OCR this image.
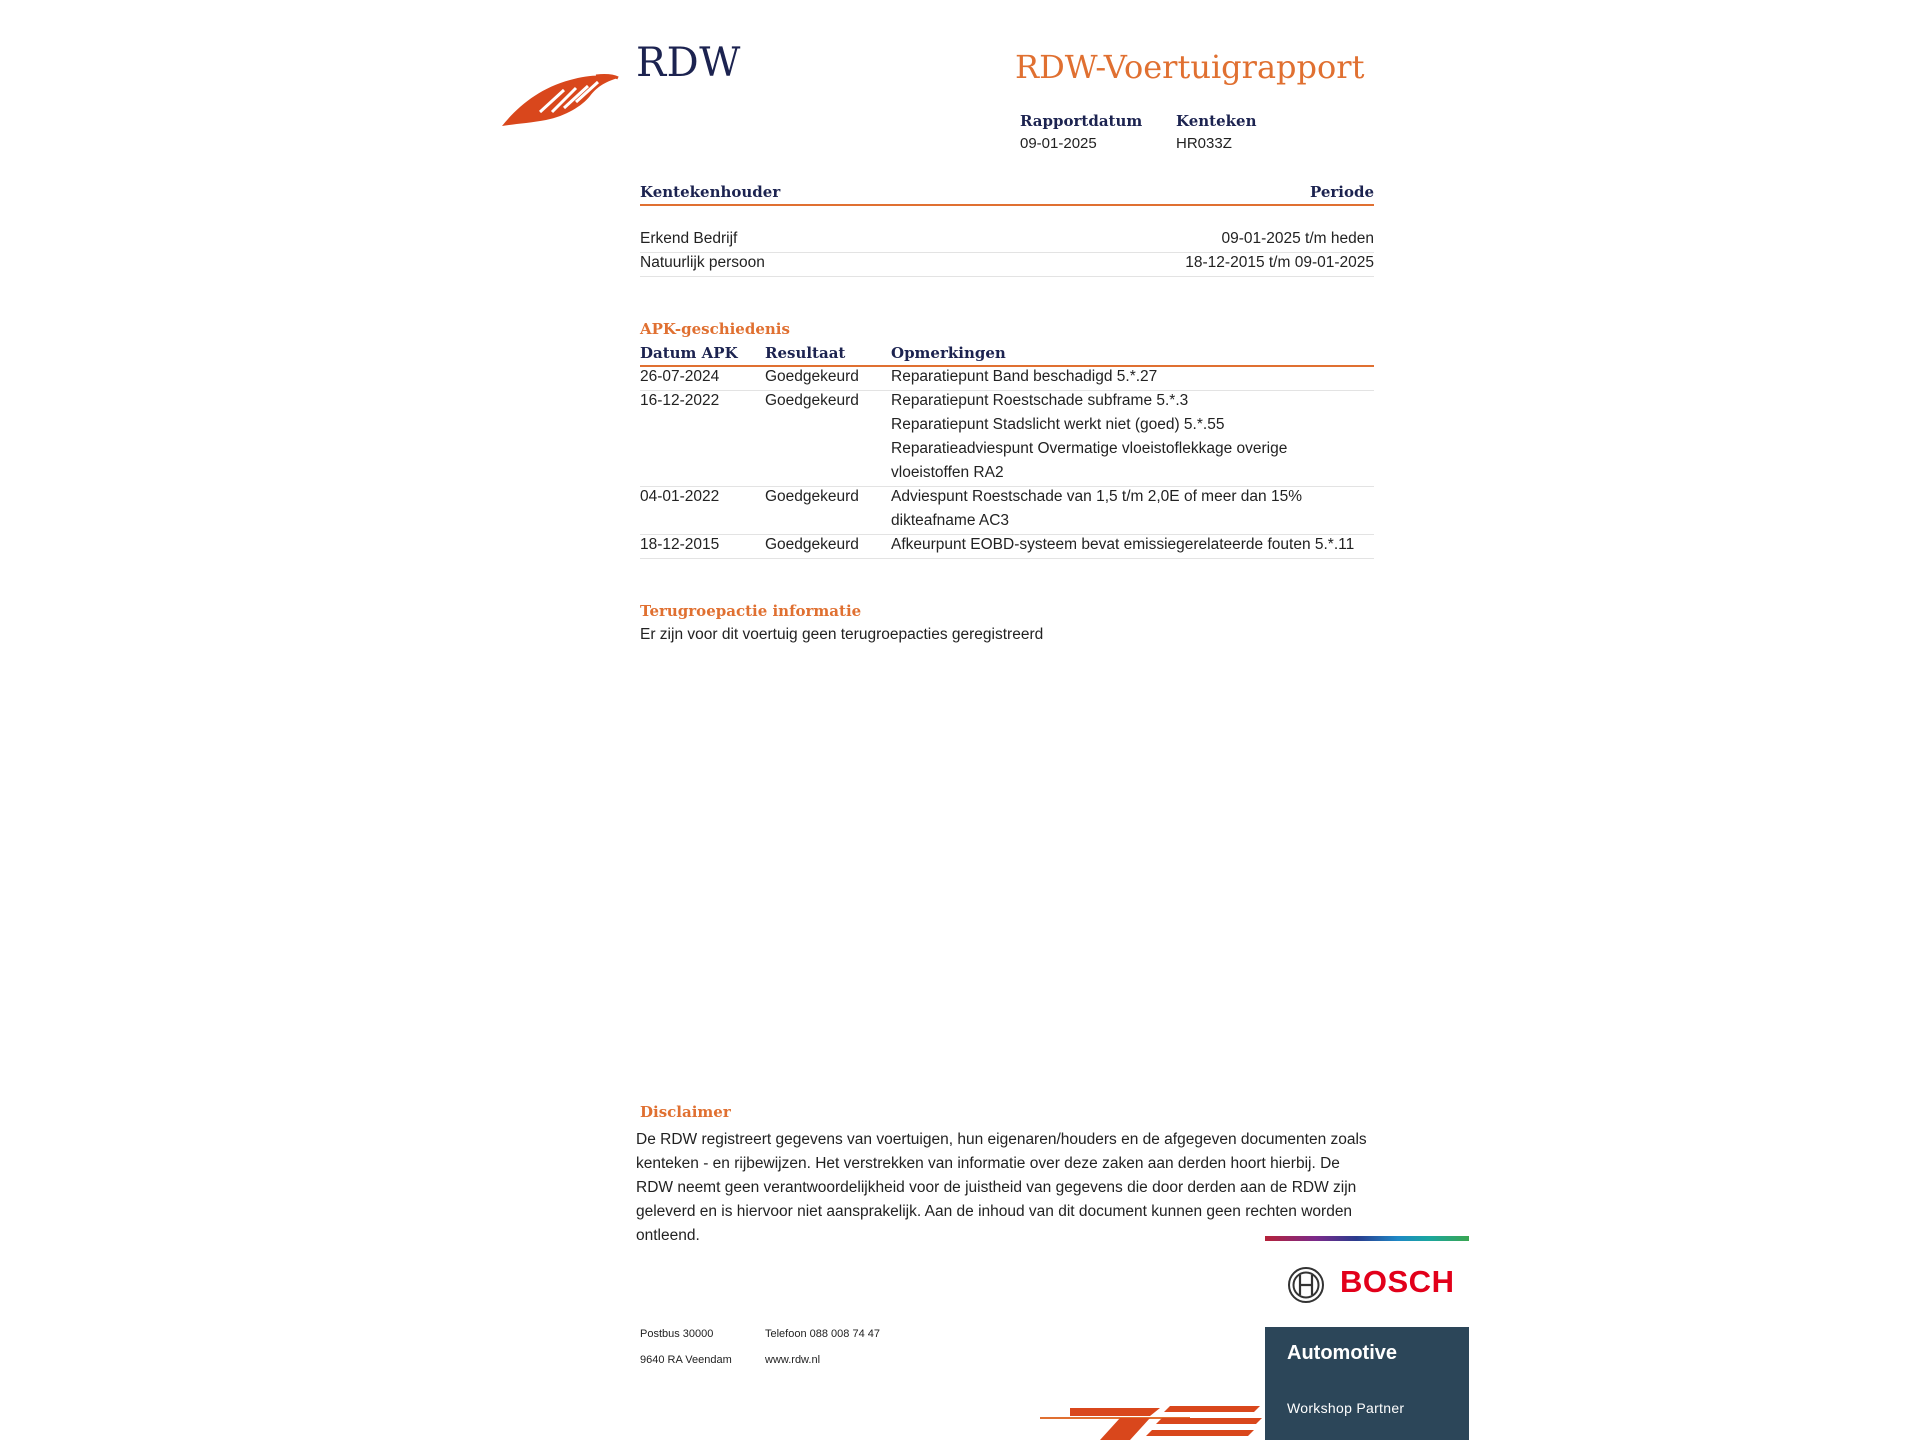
RDW	RDW-Voertuigrapport
Rapportdatum
09-01-2025
Kenteken
HR033Z
Kentekenhouder	Periode
Erkend Bedrijf	09-01-2025 t/m heden
Natuurlijk persoon	18-12-2015 t/m 09-01-2025
APK-geschiedenis
Datum APK Resultaat	Opmerkingen
26-07-2024	Goedgekeurd Reparatiepunt Band beschadigd 5.*.27
16-12-2022	Goedgekeurd Reparatiepunt Roestschade subframe 5.*.3
Reparatiepunt Stadslicht werkt niet (goed) 5.*.55
Reparatieadviespunt Overmatige vloeistoflekkage overige
vloeistoffen RA2
04-01-2022	Goedgekeurd Adviespunt Roestschade van 1,5 t/m 2,0E of meer dan 15%
dikteafname AC3
18-12-2015	Goedgekeurd Afkeurpunt EOBD-systeem bevat emissiegerelateerde fouten 5.*.11
Terugroepactie informatie
Er zijn voor dit voertuig geen terugroepacties geregistreerd
Disclaimer
De RDW registreert gegevens van voertuigen, hun eigenaren/houders en de afgegeven documenten zoals kenteken - en rijbewijzen. Het verstrekken van informatie over deze zaken aan derden hoort hierbij. De RDW neemt geen verantwoordelijkheid voor de juistheid van gegevens die door derden aan de RDW zijn geleverd en is hiervoor niet aansprakelijk. Aan de inhoud van dit document kunnen geen rechten worden ontleend.
Postbus 30000
9640 RA Veendam
Telefoon 088 008 74 47
www.rdw.nl
BOSCH
Automotive
Workshop Partner
